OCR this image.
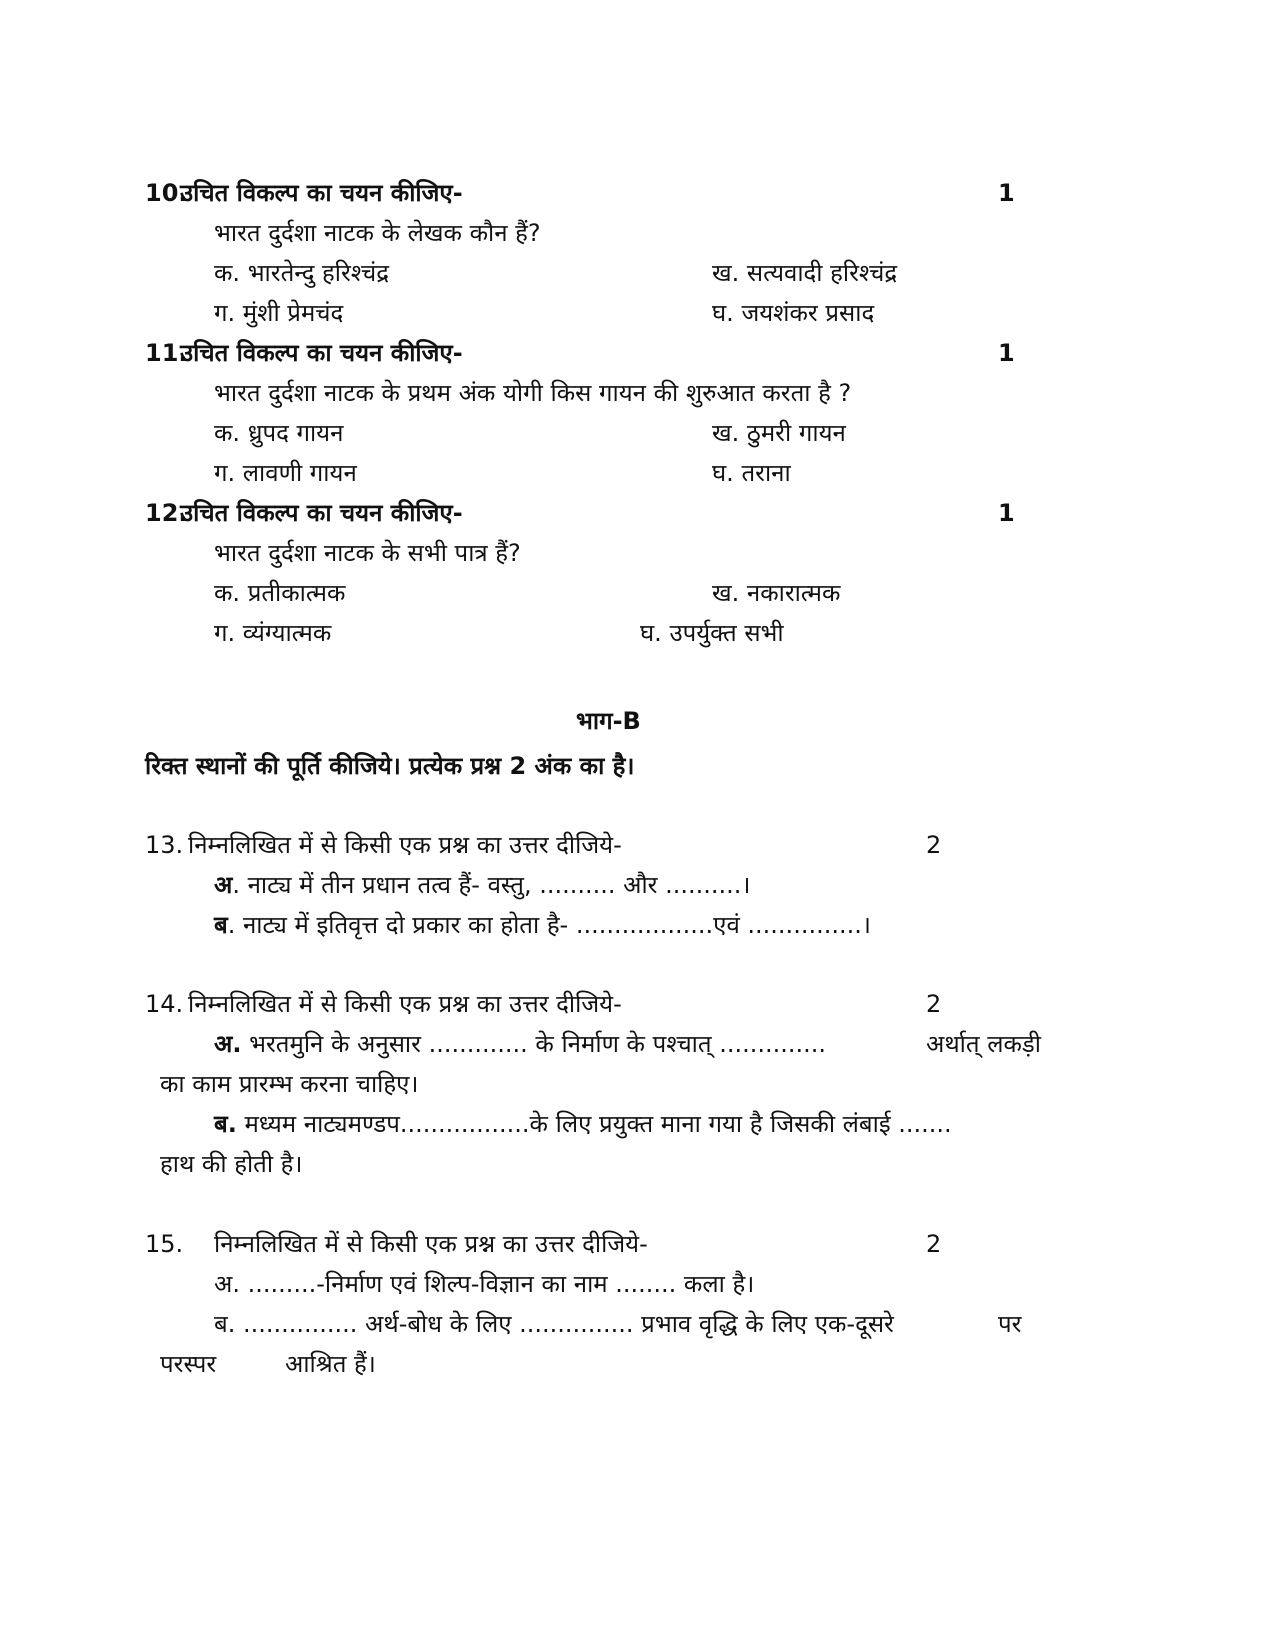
10.
उचित विकल्प का चयन कीजिए-	1
भारत दुर्दशा नाटक के लेखक कौन हैं?
क. भारतेन्दु हरिश्चंद्र	ख. सत्यवादी हरिश्चंद्र
ग. मुंशी प्रेमचंद	घ. जयशंकर प्रसाद
11.
उचित विकल्प का चयन कीजिए-	1
भारत दुर्दशा नाटक के प्रथम अंक योगी किस गायन की शुरुआत करता है ?
क. ध्रुपद गायन	ख. ठुमरी गायन
ग. लावणी गायन	घ. तराना
12.
उचित विकल्प का चयन कीजिए-	1
भारत दुर्दशा नाटक के सभी पात्र हैं?
क. प्रतीकात्मक	ख. नकारात्मक
ग. व्यंग्यात्मक	घ. उपर्युक्त सभी
भाग-B
रिक्त स्थानों की पूर्ति कीजिये। प्रत्येक प्रश्न 2 अंक का है।
13. निम्नलिखित में से किसी एक प्रश्न का उत्तर दीजिये-	2
अ. नाट्य में तीन प्रधान तत्व हैं- वस्तु, .......... और ..........।
ब. नाट्य में इतिवृत्त दो प्रकार का होता है- ..................एवं ...............।
14. निम्नलिखित में से किसी एक प्रश्न का उत्तर दीजिये-	2
अ. भरतमुनि के अनुसार ............. के निर्माण के पश्चात् ..............	अर्थात् लकड़ी
का काम प्रारम्भ करना चाहिए।
ब. मध्यम नाट्यमण्डप.................के लिए प्रयुक्त माना गया है जिसकी लंबाई .......
हाथ की होती है।
15. निम्नलिखित में से किसी एक प्रश्न का उत्तर दीजिये-	2
अ. .........-निर्माण एवं शिल्प-विज्ञान का नाम ........ कला है।
ब. ............... अर्थ-बोध के लिए ............... प्रभाव वृद्धि के लिए एक-दूसरे	पर
परस्पर	आश्रित हैं।
